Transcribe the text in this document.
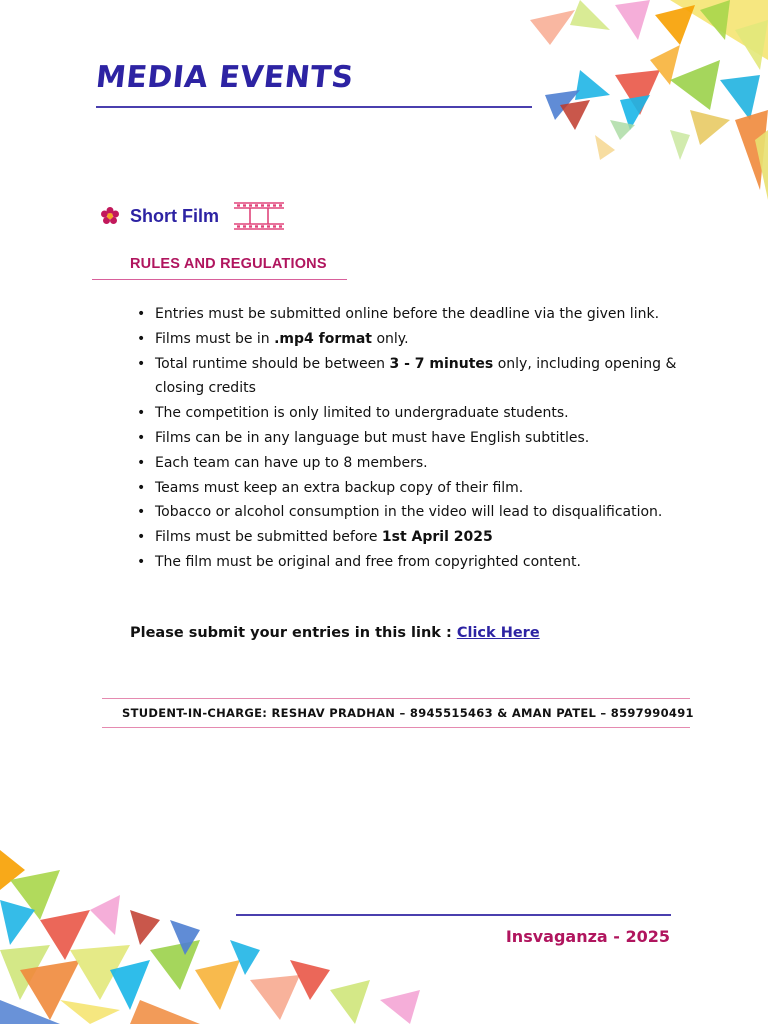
MEDIA EVENTS
Short Film
RULES AND REGULATIONS
• Entries must be submitted online before the deadline via the given link.
• Films must be in .mp4 format only.
• Total runtime should be between 3 - 7 minutes only, including opening & closing credits
• The competition is only limited to undergraduate students.
• Films can be in any language but must have English subtitles.
• Each team can have up to 8 members.
• Teams must keep an extra backup copy of their film.
• Tobacco or alcohol consumption in the video will lead to disqualification.
• Films must be submitted before 1st April 2025
• The film must be original and free from copyrighted content.
Please submit your entries in this link : Click Here
STUDENT-IN-CHARGE: RESHAV PRADHAN – 8945515463 & AMAN PATEL – 8597990491
Insvaganza - 2025
